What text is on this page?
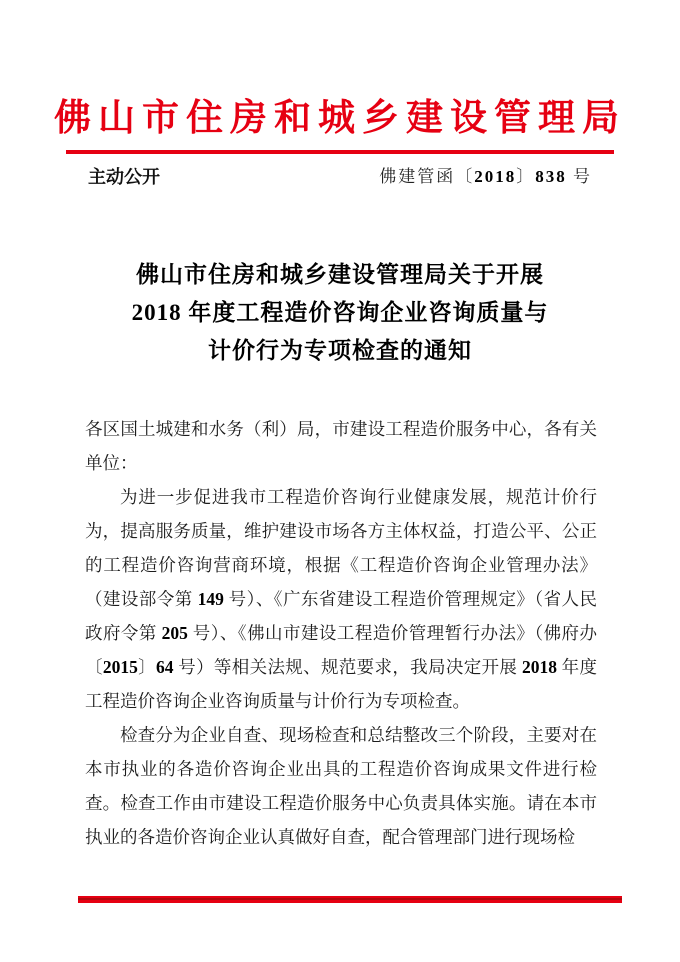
佛山市住房和城乡建设管理局
主动公开	佛建管函〔2018〕838 号
佛山市住房和城乡建设管理局关于开展
2018 年度工程造价咨询企业咨询质量与
计价行为专项检查的通知

各区国土城建和水务（利）局，市建设工程造价服务中心，各有关单位：

为进一步促进我市工程造价咨询行业健康发展，规范计价行为，提高服务质量，维护建设市场各方主体权益，打造公平、公正的工程造价咨询营商环境，根据《工程造价咨询企业管理办法》（建设部令第 149 号）、《广东省建设工程造价管理规定》（省人民政府令第 205 号）、《佛山市建设工程造价管理暂行办法》（佛府办〔2015〕64 号）等相关法规、规范要求，我局决定开展 2018 年度工程造价咨询企业咨询质量与计价行为专项检查。

检查分为企业自查、现场检查和总结整改三个阶段，主要对在本市执业的各造价咨询企业出具的工程造价咨询成果文件进行检查。检查工作由市建设工程造价服务中心负责具体实施。请在本市执业的各造价咨询企业认真做好自查，配合管理部门进行现场检
